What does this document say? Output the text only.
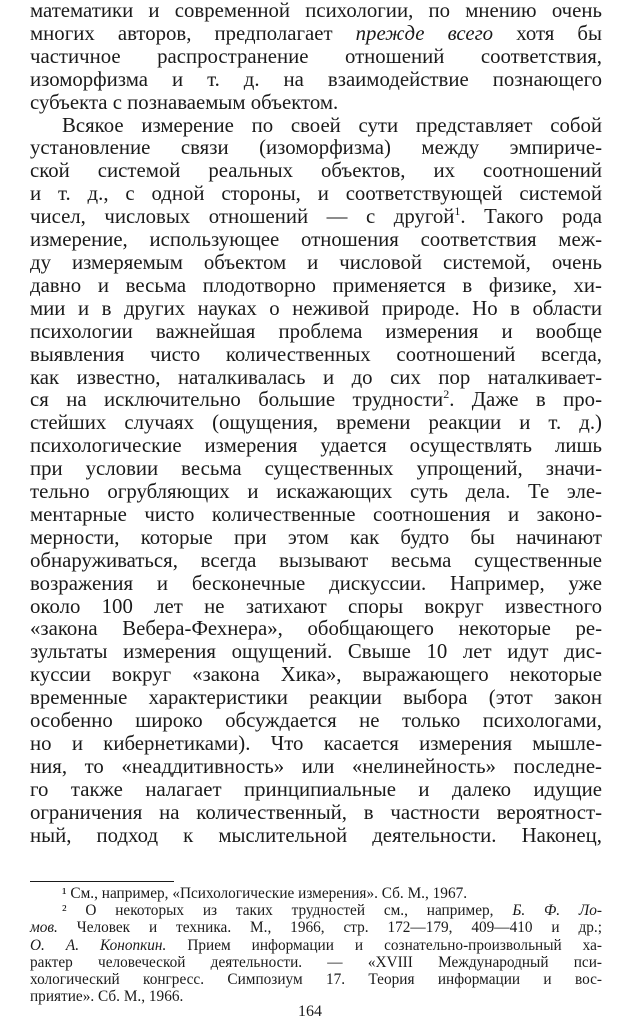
математики и современной психологии, по мнению очень
многих авторов, предполагает прежде всего хотя бы
частичное распространение отношений соответствия,
изоморфизма и т. д. на взаимодействие познающего
субъекта с познаваемым объектом.
Всякое измерение по своей сути представляет собой
установление связи (изоморфизма) между эмпириче-
ской системой реальных объектов, их соотношений
и т. д., с одной стороны, и соответствующей системой
чисел, числовых отношений — с другой$^1$. Такого рода
измерение, использующее отношения соответствия меж-
ду измеряемым объектом и числовой системой, очень
давно и весьма плодотворно применяется в физике, хи-
мии и в других науках о неживой природе. Но в области
психологии важнейшая проблема измерения и вообще
выявления чисто количественных соотношений всегда,
как известно, наталкивалась и до сих пор наталкивает-
ся на исключительно большие трудности$^2$. Даже в про-
стейших случаях (ощущения, времени реакции и т. д.)
психологические измерения удается осуществлять лишь
при условии весьма существенных упрощений, значи-
тельно огрубляющих и искажающих суть дела. Те эле-
ментарные чисто количественные соотношения и законо-
мерности, которые при этом как будто бы начинают
обнаруживаться, всегда вызывают весьма существенные
возражения и бесконечные дискуссии. Например, уже
около 100 лет не затихают споры вокруг известного
«закона Вебера-Фехнера», обобщающего некоторые ре-
зультаты измерения ощущений. Свыше 10 лет идут дис-
куссии вокруг «закона Хика», выражающего некоторые
временные характеристики реакции выбора (этот закон
особенно широко обсуждается не только психологами,
но и кибернетиками). Что касается измерения мышле-
ния, то «неаддитивность» или «нелинейность» последне-
го также налагает принципиальные и далеко идущие
ограничения на количественный, в частности вероятност-
ный, подход к мыслительной деятельности. Наконец,
¹ См., например, «Психологические измерения». Сб. М., 1967.
² О некоторых из таких трудностей см., например, Б. Ф. Ло-
мов. Человек и техника. М., 1966, стр. 172—179, 409—410 и др.;
О. А. Конопкин. Прием информации и сознательно-произвольный ха-
рактер человеческой деятельности. — «XVIII Международный пси-
хологический конгресс. Симпозиум 17. Теория информации и вос-
приятие». Сб. М., 1966.
164
